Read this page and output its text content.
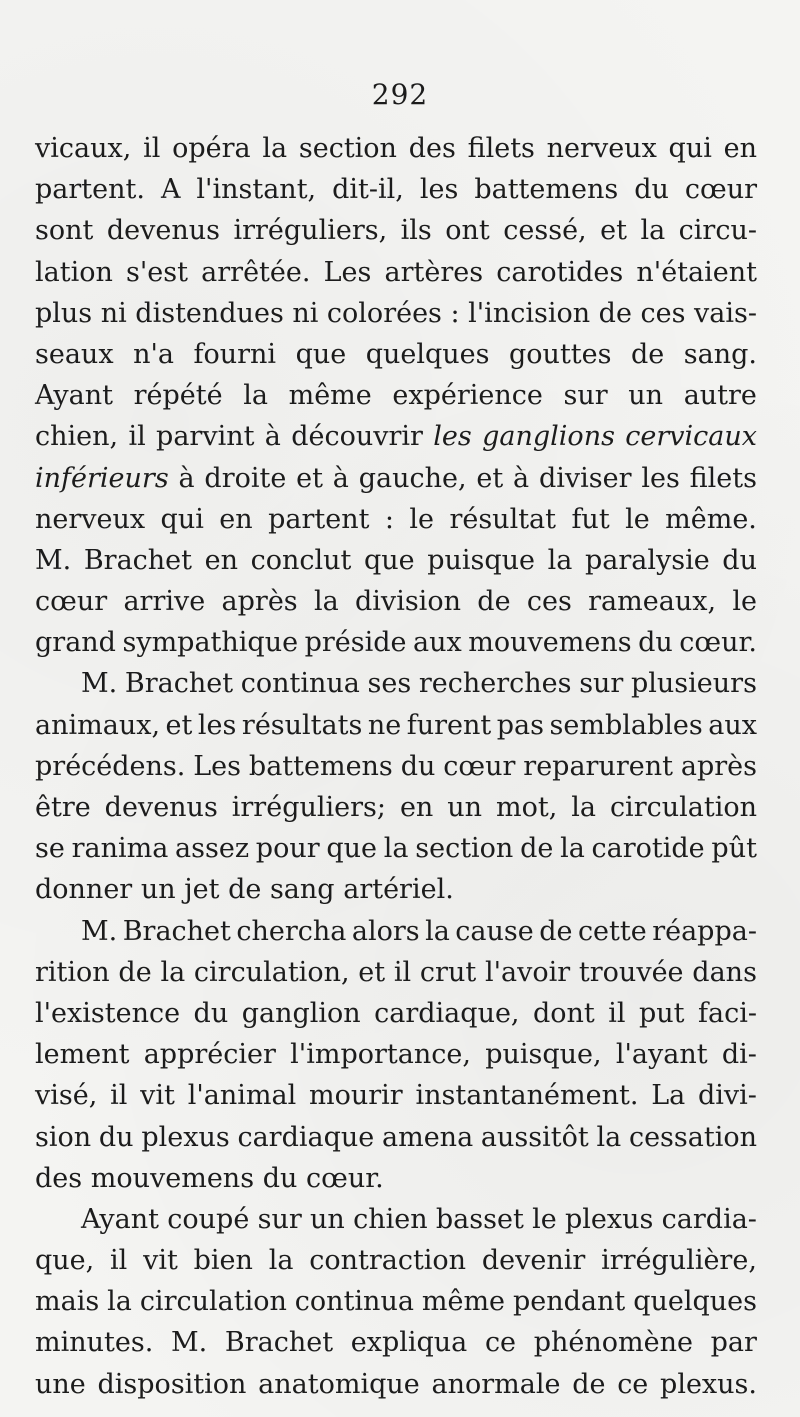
292
vicaux, il opéra la section des filets nerveux qui en
partent. A l'instant, dit-il, les battemens du cœur
sont devenus irréguliers, ils ont cessé, et la circu-
lation s'est arrêtée. Les artères carotides n'étaient
plus ni distendues ni colorées : l'incision de ces vais-
seaux n'a fourni que quelques gouttes de sang.
Ayant répété la même expérience sur un autre
chien, il parvint à découvrir les ganglions cervicaux
inférieurs à droite et à gauche, et à diviser les filets
nerveux qui en partent : le résultat fut le même.
M. Brachet en conclut que puisque la paralysie du
cœur arrive après la division de ces rameaux, le
grand sympathique préside aux mouvemens du cœur.
M. Brachet continua ses recherches sur plusieurs
animaux, et les résultats ne furent pas semblables aux
précédens. Les battemens du cœur reparurent après
être devenus irréguliers; en un mot, la circulation
se ranima assez pour que la section de la carotide pût
donner un jet de sang artériel.
M. Brachet chercha alors la cause de cette réappa-
rition de la circulation, et il crut l'avoir trouvée dans
l'existence du ganglion cardiaque, dont il put faci-
lement apprécier l'importance, puisque, l'ayant di-
visé, il vit l'animal mourir instantanément. La divi-
sion du plexus cardiaque amena aussitôt la cessation
des mouvemens du cœur.
Ayant coupé sur un chien basset le plexus cardia-
que, il vit bien la contraction devenir irrégulière,
mais la circulation continua même pendant quelques
minutes. M. Brachet expliqua ce phénomène par
une disposition anatomique anormale de ce plexus.
